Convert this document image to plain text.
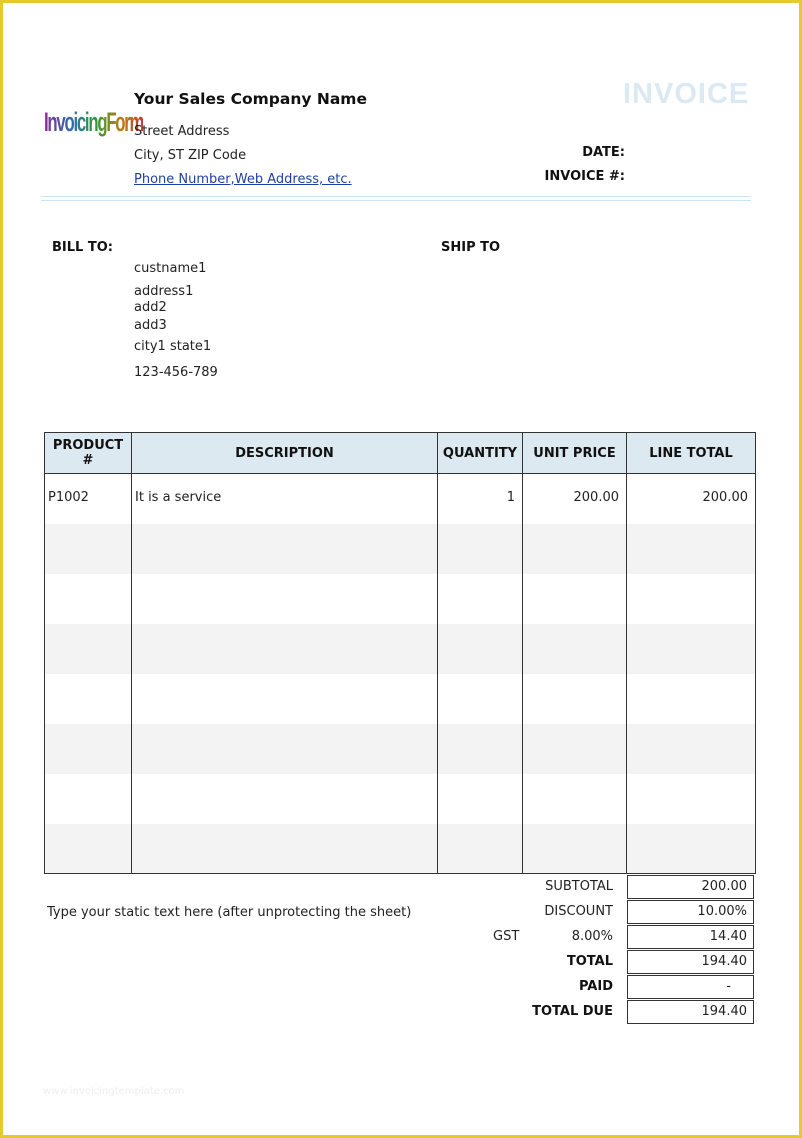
InvoicingForm
Your Sales Company Name
Street Address
City, ST ZIP Code
Phone Number,Web Address, etc.
INVOICE
DATE:
INVOICE #:
BILL TO:
custname1
address1
add2
add3
city1 state1
123-456-789
SHIP TO
PRODUCT #	DESCRIPTION	QUANTITY	UNIT PRICE	LINE TOTAL
P1002	It is a service	1	200.00	200.00

Type your static text here (after unprotecting the sheet)
SUBTOTAL	200.00
DISCOUNT	10.00%
GST	8.00%	14.40
TOTAL	194.40
PAID	-
TOTAL DUE	194.40
www.invoicingtemplate.com
